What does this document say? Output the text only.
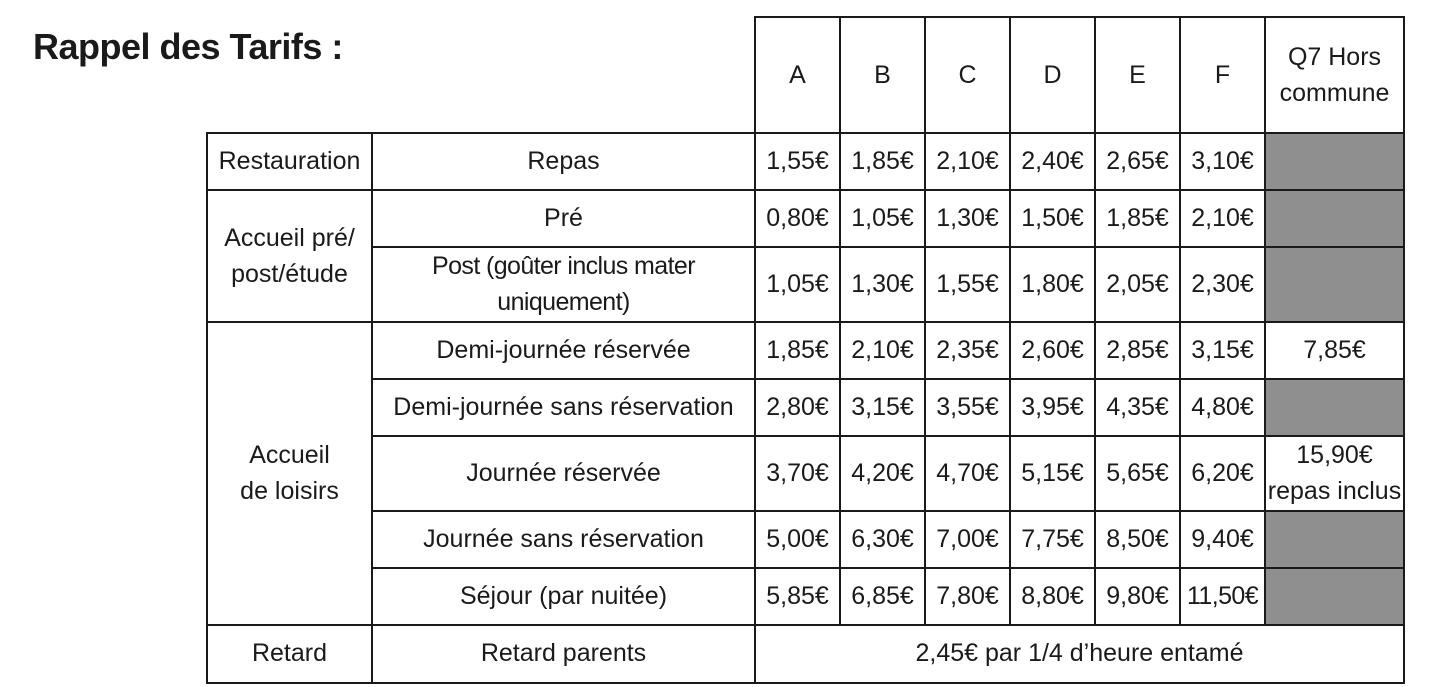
Rappel des Tarifs :
		A	B	C	D	E	F	Q7 Hors
commune
Restauration	Repas	1,55€	1,85€	2,10€	2,40€	2,65€	3,10€	
Accueil pré/
post/étude	Pré	0,80€	1,05€	1,30€	1,50€	1,85€	2,10€	
	Post (goûter inclus mater uniquement)	1,05€	1,30€	1,55€	1,80€	2,05€	2,30€	
Accueil
de loisirs	Demi-journée réservée	1,85€	2,10€	2,35€	2,60€	2,85€	3,15€	7,85€
	Demi-journée sans réservation	2,80€	3,15€	3,55€	3,95€	4,35€	4,80€	
	Journée réservée	3,70€	4,20€	4,70€	5,15€	5,65€	6,20€	15,90€
repas inclus
	Journée sans réservation	5,00€	6,30€	7,00€	7,75€	8,50€	9,40€	
	Séjour (par nuitée)	5,85€	6,85€	7,80€	8,80€	9,80€	11,50€	
Retard	Retard parents	2,45€ par 1/4 d’heure entamé						
